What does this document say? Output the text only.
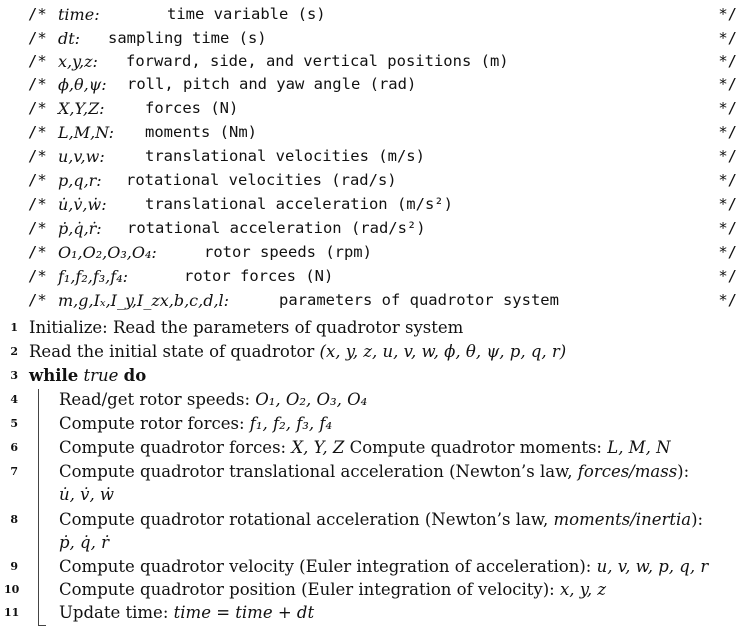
/* time:	time variable (s)	*/
/* dt: sampling time (s)	*/
/* x,y,z: forward, side, and vertical positions (m)	*/
/* ϕ,θ,ψ: roll, pitch and yaw angle (rad)	*/
/* X,Y,Z:	forces (N)	*/
/* L,M,N: moments (Nm)	*/
/* u,v,w:	translational velocities (m/s)	*/
/* p,q,r: rotational velocities (rad/s)	*/
/* u̇,v̇,ẇ: translational acceleration (m/s²)	*/
/* ṗ,q̇,ṙ: rotational acceleration (rad/s²)	*/
/* O₁,O₂,O₃,O₄:	rotor speeds (rpm)	*/
/* f₁,f₂,f₃,f₄:	rotor forces (N)	*/
/* m,g,Iₓ,I_y,I_zx,b,c,d,l:	parameters of quadrotor system	*/
1 Initialize: Read the parameters of quadrotor system
2 Read the initial state of quadrotor (x, y, z, u, v, w, ϕ, θ, ψ, p, q, r)
3 while true do
4 Read/get rotor speeds: O₁, O₂, O₃, O₄
5 Compute rotor forces: f₁, f₂, f₃, f₄
6 Compute quadrotor forces: X, Y, Z Compute quadrotor moments: L, M, N
7 Compute quadrotor translational acceleration (Newton’s law, forces/mass):
u̇, v̇, ẇ
8 Compute quadrotor rotational acceleration (Newton’s law, moments/inertia):
ṗ, q̇, ṙ
9 Compute quadrotor velocity (Euler integration of acceleration): u, v, w, p, q, r
10 Compute quadrotor position (Euler integration of velocity): x, y, z
11 Update time: time = time + dt
